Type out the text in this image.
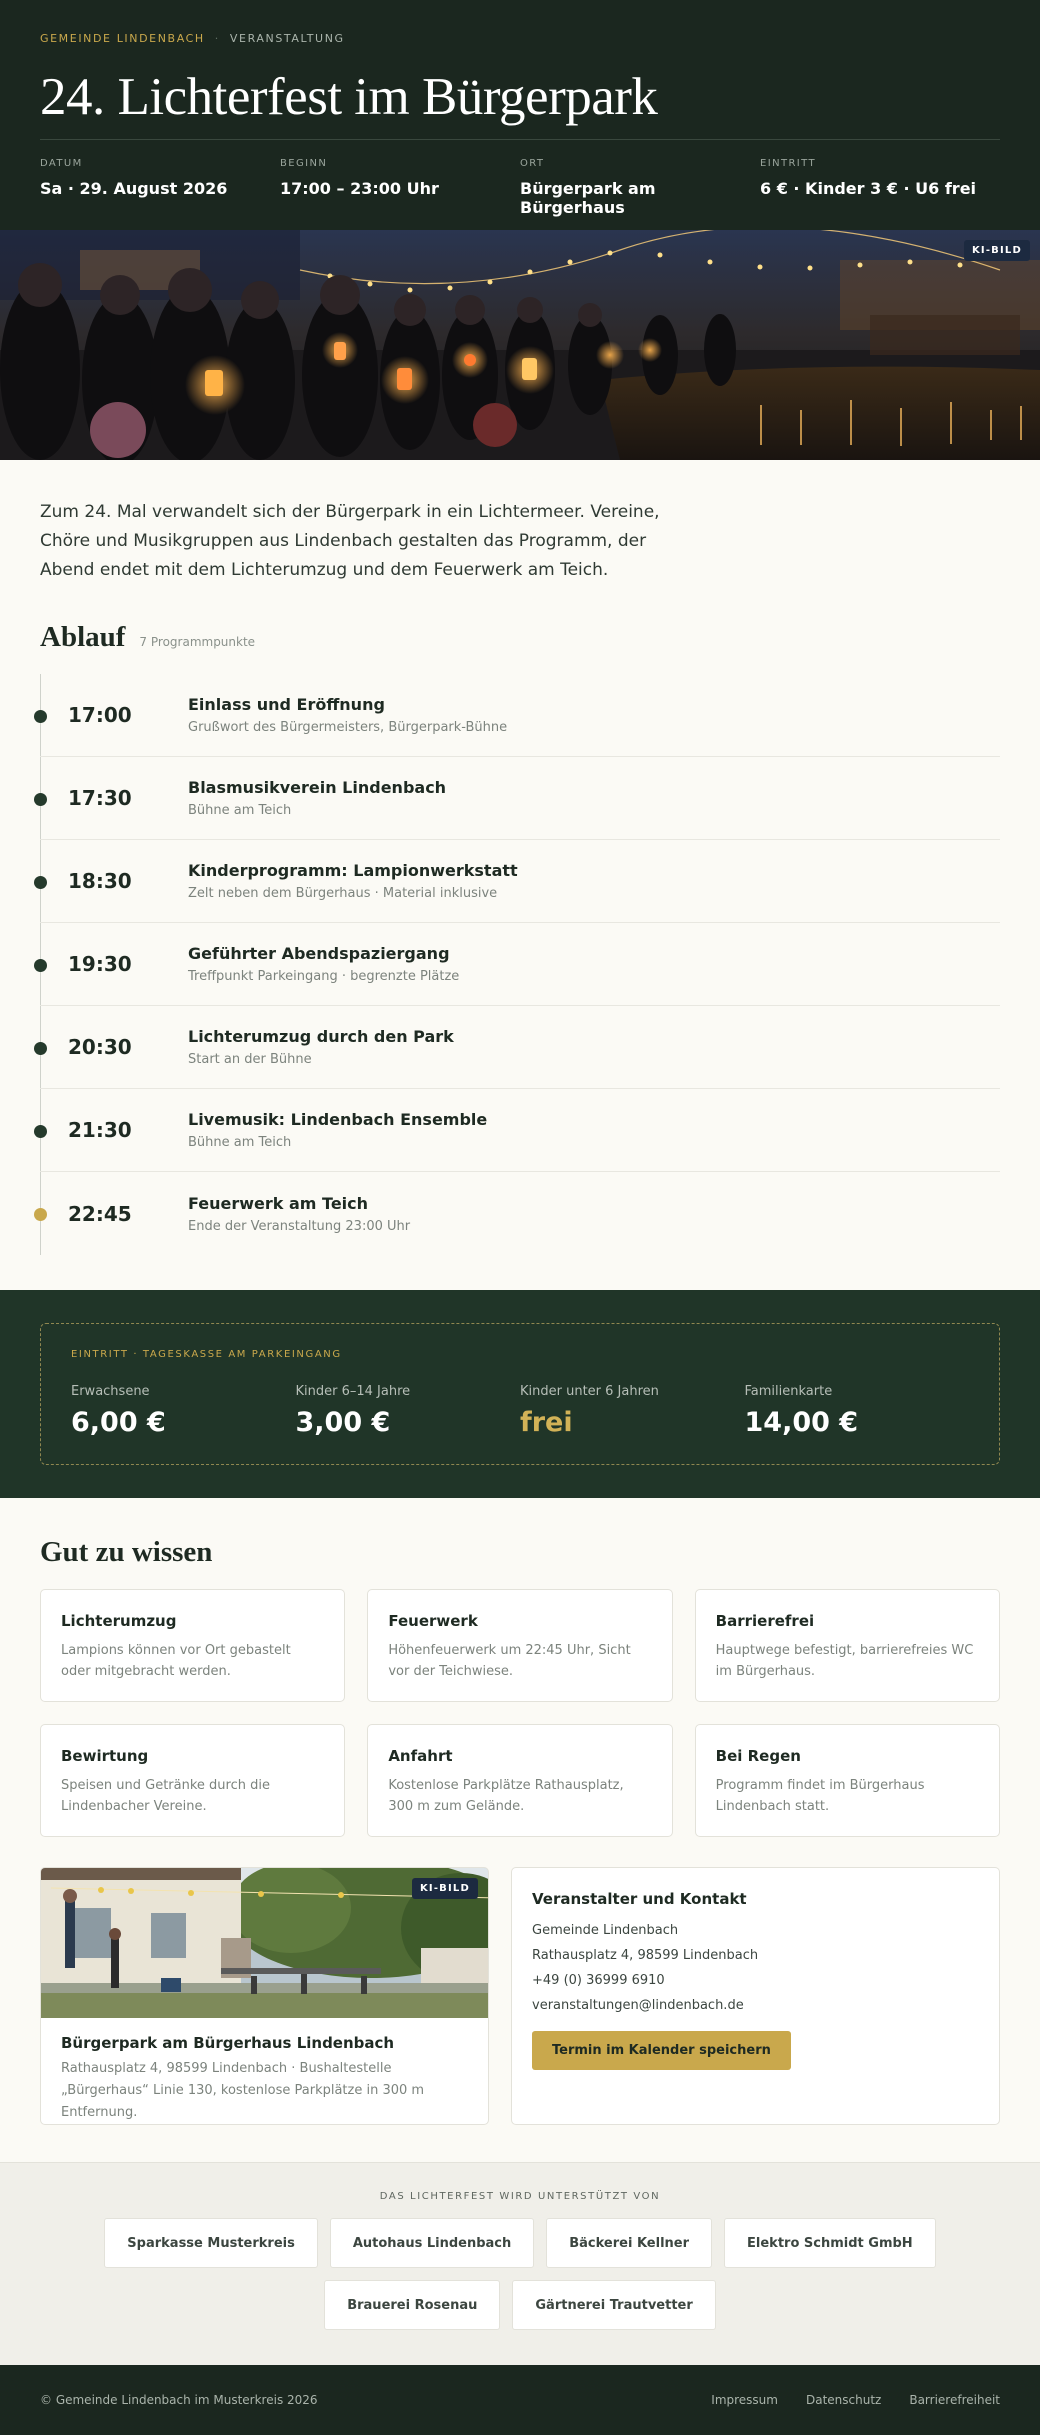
GEMEINDE LINDENBACH · VERANSTALTUNG
24. Lichterfest im Bürgerpark
DATUM
Sa · 29. August 2026
BEGINN
17:00 – 23:00 Uhr
ORT
Bürgerpark am Bürgerhaus
EINTRITT
6 € · Kinder 3 € · U6 frei
KI-BILD

Zum 24. Mal verwandelt sich der Bürgerpark in ein Lichtermeer. Vereine, Chöre und Musikgruppen aus Lindenbach gestalten das Programm, der Abend endet mit dem Lichterumzug und dem Feuerwerk am Teich.

Ablauf 7 Programmpunkte
17:00	Einlass und Eröffnung
Grußwort des Bürgermeisters, Bürgerpark-Bühne
17:30	Blasmusikverein Lindenbach
Bühne am Teich
18:30	Kinderprogramm: Lampionwerkstatt
Zelt neben dem Bürgerhaus · Material inklusive
19:30	Geführter Abendspaziergang
Treffpunkt Parkeingang · begrenzte Plätze
20:30	Lichterumzug durch den Park
Start an der Bühne
21:30	Livemusik: Lindenbach Ensemble
Bühne am Teich
22:45	Feuerwerk am Teich
Ende der Veranstaltung 23:00 Uhr
EINTRITT · TAGESKASSE AM PARKEINGANG
Erwachsene
6,00 €
Kinder 6–14 Jahre
3,00 €
Kinder unter 6 Jahren
frei
Familienkarte
14,00 €
Gut zu wissen
Lichterumzug
Lampions können vor Ort gebastelt oder mitgebracht werden.
Feuerwerk
Höhenfeuerwerk um 22:45 Uhr, Sicht vor der Teichwiese.
Barrierefrei
Hauptwege befestigt, barrierefreies WC im Bürgerhaus.
Bewirtung
Speisen und Getränke durch die Lindenbacher Vereine.
Anfahrt
Kostenlose Parkplätze Rathausplatz, 300 m zum Gelände.
Bei Regen
Programm findet im Bürgerhaus Lindenbach statt.
KI-BILD
Bürgerpark am Bürgerhaus Lindenbach
Rathausplatz 4, 98599 Lindenbach · Bushaltestelle „Bürgerhaus“ Linie 130, kostenlose Parkplätze in 300 m Entfernung.
Veranstalter und Kontakt
Gemeinde Lindenbach
Rathausplatz 4, 98599 Lindenbach
+49 (0) 36999 6910
veranstaltungen@lindenbach.de
Termin im Kalender speichern
DAS LICHTERFEST WIRD UNTERSTÜTZT VON
Sparkasse Musterkreis	Autohaus Lindenbach	Bäckerei Kellner	Elektro Schmidt GmbH
Brauerei Rosenau	Gärtnerei Trautvetter
© Gemeinde Lindenbach im Musterkreis 2026	Impressum Datenschutz Barrierefreiheit
